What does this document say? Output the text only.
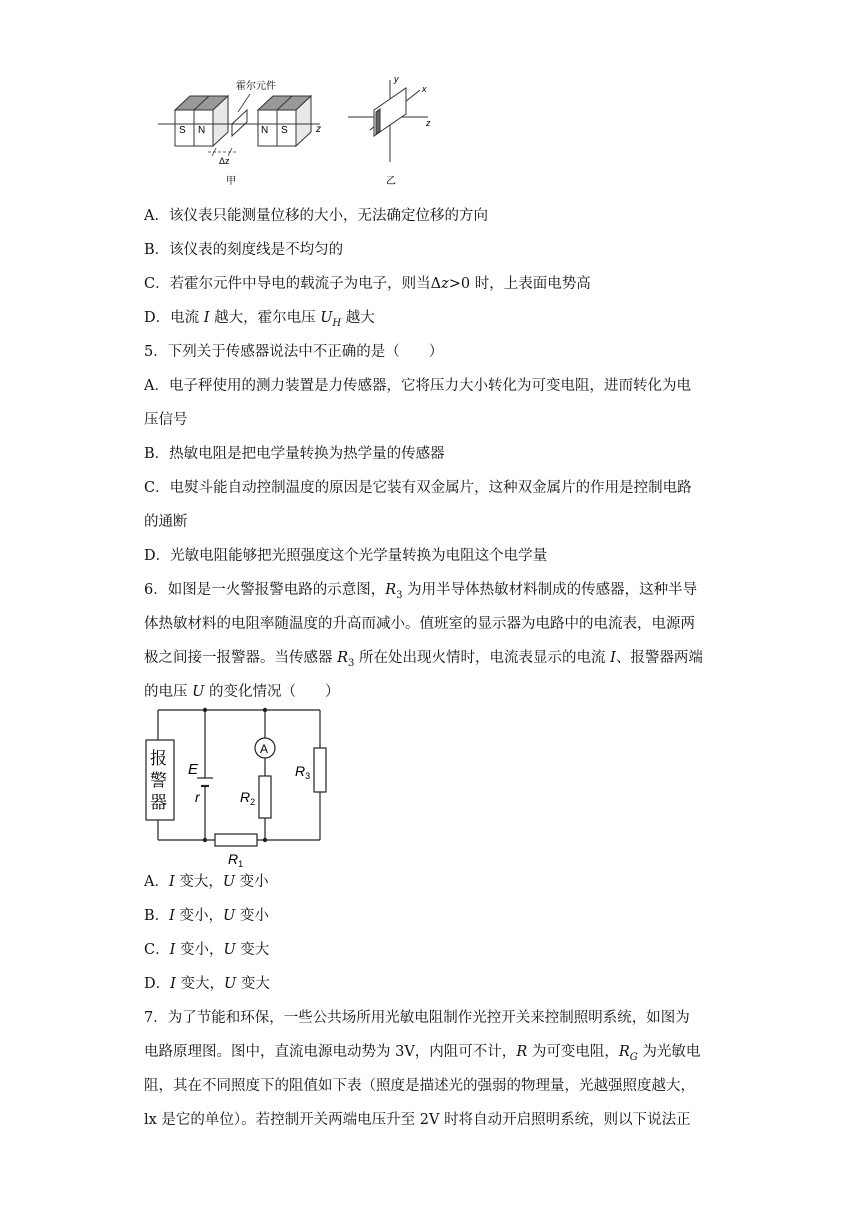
S N
霍尔元件
N S	z
Δz
甲
y
x
z
乙
A．该仪表只能测量位移的大小，无法确定位移的方向
B．该仪表的刻度线是不均匀的
C．若霍尔元件中导电的载流子为电子，则当Δz>0 时，上表面电势高
D．电流 I 越大，霍尔电压 $U_H$ 越大
5．下列关于传感器说法中不正确的是（　　）
A．电子秤使用的测力装置是力传感器，它将压力大小转化为可变电阻，进而转化为电
压信号
B．热敏电阻是把电学量转换为热学量的传感器
C．电熨斗能自动控制温度的原因是它装有双金属片，这种双金属片的作用是控制电路
的通断
D．光敏电阻能够把光照强度这个光学量转换为电阻这个电学量
6．如图是一火警报警电路的示意图，$R_3$ 为用半导体热敏材料制成的传感器，这种半导
体热敏材料的电阻率随温度的升高而减小。值班室的显示器为电路中的电流表，电源两
极之间接一报警器。当传感器 $R_3$ 所在处出现火情时，电流表显示的电流 I、报警器两端
的电压 U 的变化情况（　　）
报
警
器
E
r
A
$R_2$
$R_3$
$R_1$
A．I 变大，U 变小
B．I 变小，U 变小
C．I 变小，U 变大
D．I 变大，U 变大
7．为了节能和环保，一些公共场所用光敏电阻制作光控开关来控制照明系统，如图为
电路原理图。图中，直流电源电动势为 3V，内阻可不计，R 为可变电阻，$R_G$ 为光敏电
阻，其在不同照度下的阻值如下表（照度是描述光的强弱的物理量，光越强照度越大，
lx 是它的单位）。若控制开关两端电压升至 2V 时将自动开启照明系统，则以下说法正
